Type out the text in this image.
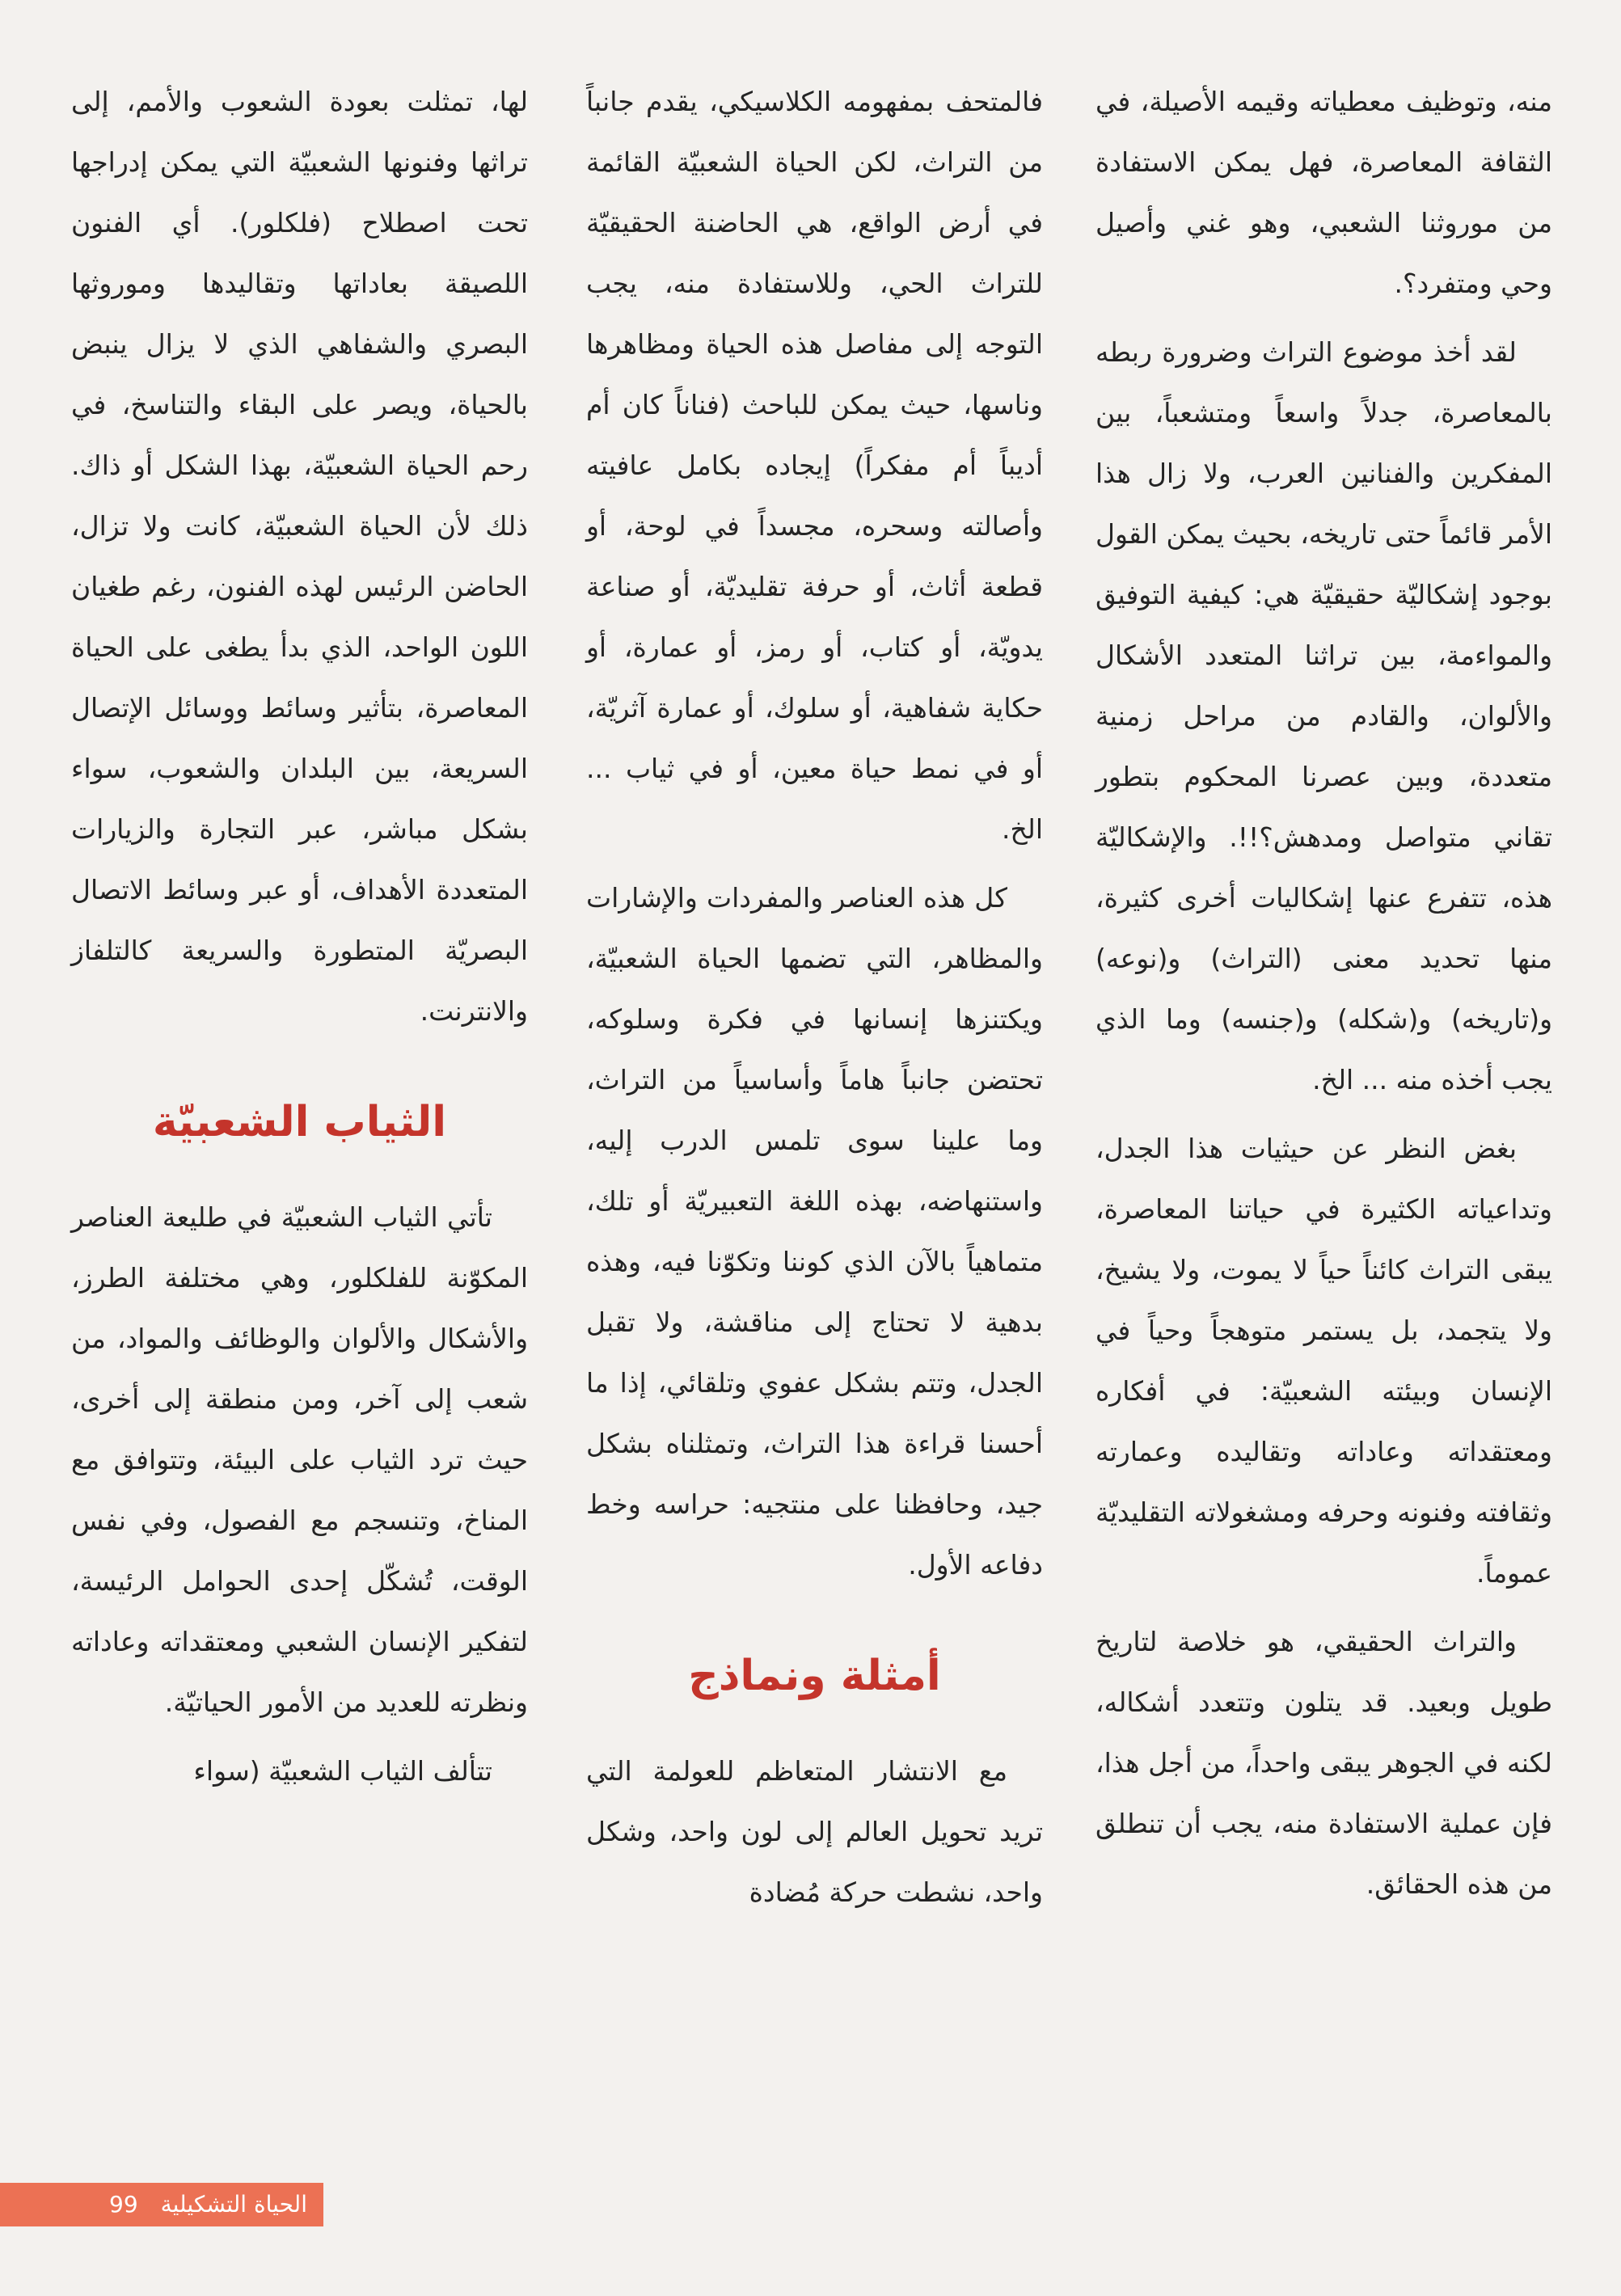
منه، وتوظيف معطياته وقيمه الأصيلة، في الثقافة المعاصرة، فهل يمكن الاستفادة من موروثنا الشعبي، وهو غني وأصيل وحي ومتفرد؟.

لقد أخذ موضوع التراث وضرورة ربطه بالمعاصرة، جدلاً واسعاً ومتشعباً، بين المفكرين والفنانين العرب، ولا زال هذا الأمر قائماً حتى تاريخه، بحيث يمكن القول بوجود إشكاليّة حقيقيّة هي: كيفية التوفيق والمواءمة، بين تراثنا المتعدد الأشكال والألوان، والقادم من مراحل زمنية متعددة، وبين عصرنا المحكوم بتطور تقاني متواصل ومدهش؟!!. والإشكاليّة هذه، تتفرع عنها إشكاليات أخرى كثيرة، منها تحديد معنى (التراث) و(نوعه) و(تاريخه) و(شكله) و(جنسه) وما الذي يجب أخذه منه ... الخ.

بغض النظر عن حيثيات هذا الجدل، وتداعياته الكثيرة في حياتنا المعاصرة، يبقى التراث كائناً حياً لا يموت، ولا يشيخ، ولا يتجمد، بل يستمر متوهجاً وحياً في الإنسان وبيئته الشعبيّة: في أفكاره ومعتقداته وعاداته وتقاليده وعمارته وثقافته وفنونه وحرفه ومشغولاته التقليديّة عموماً.

والتراث الحقيقي، هو خلاصة لتاريخ طويل وبعيد. قد يتلون وتتعدد أشكاله، لكنه في الجوهر يبقى واحداً، من أجل هذا، فإن عملية الاستفادة منه، يجب أن تنطلق من هذه الحقائق.

فالمتحف بمفهومه الكلاسيكي، يقدم جانباً من التراث، لكن الحياة الشعبيّة القائمة في أرض الواقع، هي الحاضنة الحقيقيّة للتراث الحي، وللاستفادة منه، يجب التوجه إلى مفاصل هذه الحياة ومظاهرها وناسها، حيث يمكن للباحث (فناناً كان أم أديباً أم مفكراً) إيجاده بكامل عافيته وأصالته وسحره، مجسداً في لوحة، أو قطعة أثاث، أو حرفة تقليديّة، أو صناعة يدويّة، أو كتاب، أو رمز، أو عمارة، أو حكاية شفاهية، أو سلوك، أو عمارة آثريّة، أو في نمط حياة معين، أو في ثياب ... الخ.

كل هذه العناصر والمفردات والإشارات والمظاهر، التي تضمها الحياة الشعبيّة، ويكتنزها إنسانها في فكرة وسلوكه، تحتضن جانباً هاماً وأساسياً من التراث، وما علينا سوى تلمس الدرب إليه، واستنهاضه، بهذه اللغة التعبيريّة أو تلك، متماهياً بالآن الذي كوننا وتكوّنا فيه، وهذه بدهية لا تحتاج إلى مناقشة، ولا تقبل الجدل، وتتم بشكل عفوي وتلقائي، إذا ما أحسنا قراءة هذا التراث، وتمثلناه بشكل جيد، وحافظنا على منتجيه: حراسه وخط دفاعه الأول.

أمثلة ونماذج

مع الانتشار المتعاظم للعولمة التي تريد تحويل العالم إلى لون واحد، وشكل واحد، نشطت حركة مُضادة

لها، تمثلت بعودة الشعوب والأمم، إلى تراثها وفنونها الشعبيّة التي يمكن إدراجها تحت اصطلاح (فلكلور). أي الفنون اللصيقة بعاداتها وتقاليدها وموروثها البصري والشفاهي الذي لا يزال ينبض بالحياة، ويصر على البقاء والتناسخ، في رحم الحياة الشعبيّة، بهذا الشكل أو ذاك. ذلك لأن الحياة الشعبيّة، كانت ولا تزال، الحاضن الرئيس لهذه الفنون، رغم طغيان اللون الواحد، الذي بدأ يطغى على الحياة المعاصرة، بتأثير وسائط ووسائل الإتصال السريعة، بين البلدان والشعوب، سواء بشكل مباشر، عبر التجارة والزيارات المتعددة الأهداف، أو عبر وسائط الاتصال البصريّة المتطورة والسريعة كالتلفاز والانترنت.

الثياب الشعبيّة

تأتي الثياب الشعبيّة في طليعة العناصر المكوّنة للفلكلور، وهي مختلفة الطرز، والأشكال والألوان والوظائف والمواد، من شعب إلى آخر، ومن منطقة إلى أخرى، حيث ترد الثياب على البيئة، وتتوافق مع المناخ، وتنسجم مع الفصول، وفي نفس الوقت، تُشكّل إحدى الحوامل الرئيسة، لتفكير الإنسان الشعبي ومعتقداته وعاداته ونظرته للعديد من الأمور الحياتيّة.

تتألف الثياب الشعبيّة (سواء

الحياة التشكيلية
99
